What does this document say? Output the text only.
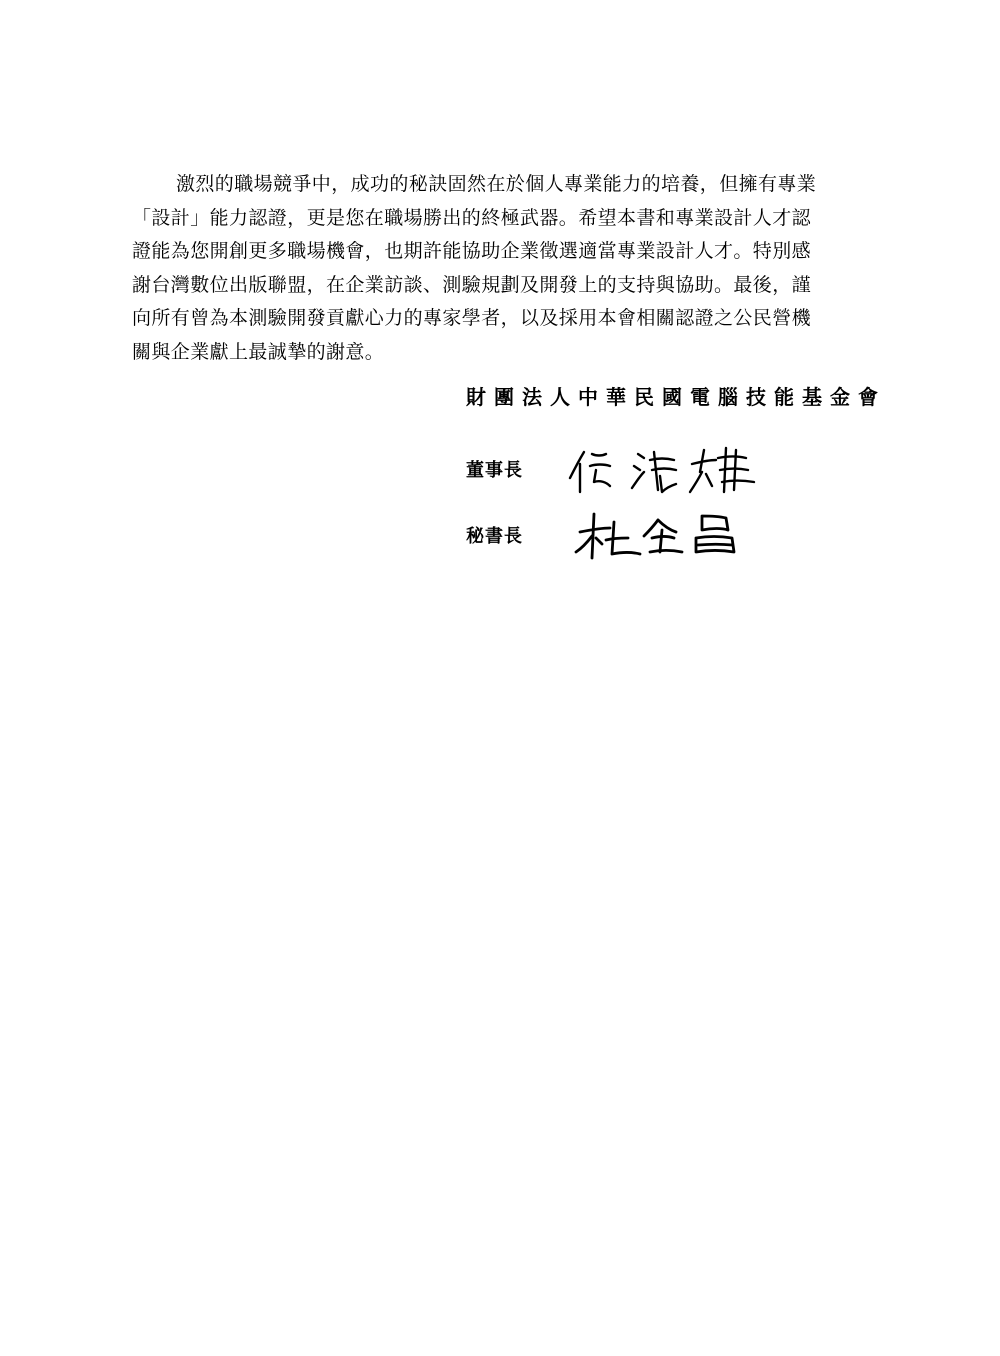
激烈的職場競爭中，成功的秘訣固然在於個人專業能力的培養，但擁有專業
「設計」能力認證，更是您在職場勝出的終極武器。希望本書和專業設計人才認
證能為您開創更多職場機會，也期許能協助企業徵選適當專業設計人才。特別感
謝台灣數位出版聯盟，在企業訪談、測驗規劃及開發上的支持與協助。最後，謹
向所有曾為本測驗開發貢獻心力的專家學者，以及採用本會相關認證之公民營機
關與企業獻上最誠摯的謝意。

財團法人中華民國電腦技能基金會
董事長
秘書長
